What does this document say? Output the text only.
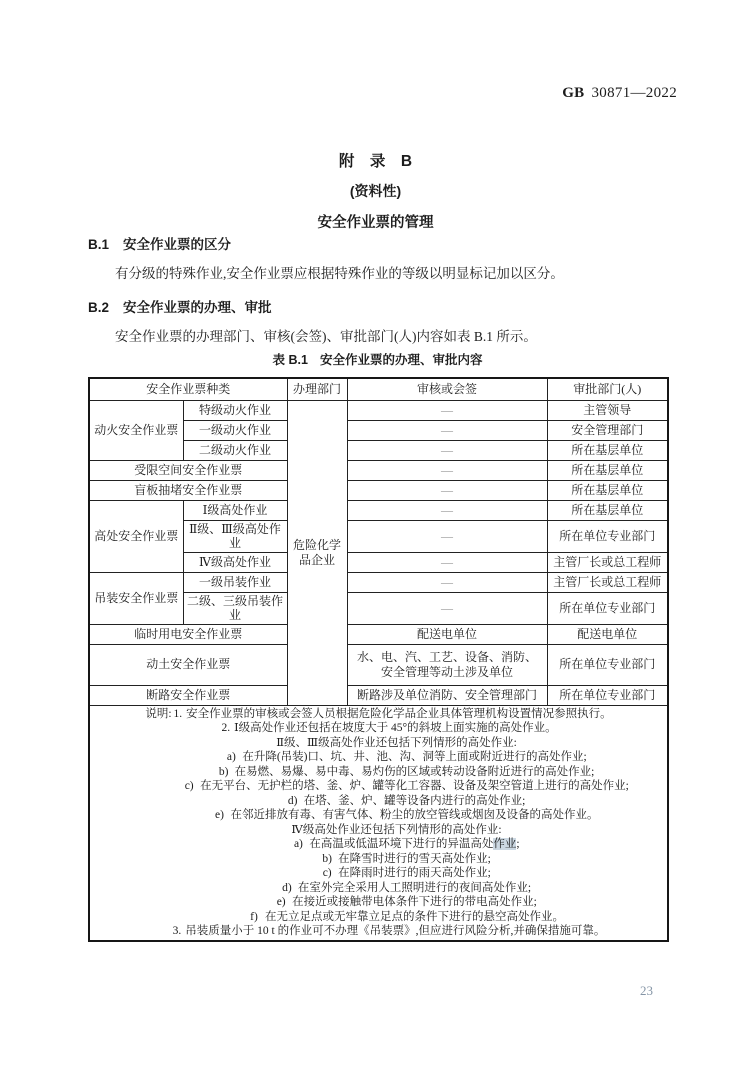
GB 30871—2022
附　录　B
(资料性)
安全作业票的管理
B.1 安全作业票的区分
有分级的特殊作业,安全作业票应根据特殊作业的等级以明显标记加以区分。
B.2 安全作业票的办理、审批
安全作业票的办理部门、审核(会签)、审批部门(人)内容如表 B.1 所示。
表 B.1 安全作业票的办理、审批内容
安全作业票种类		办理部门	审核或会签	审批部门(人)
动火安全作业票	特级动火作业	危险化学品企业	—	主管领导
	一级动火作业		—	安全管理部门
	二级动火作业		—	所在基层单位
受限空间安全作业票			—	所在基层单位
盲板抽堵安全作业票			—	所在基层单位
高处安全作业票	Ⅰ级高处作业		—	所在基层单位
	Ⅱ级、Ⅲ级高处作业		—	所在单位专业部门
	Ⅳ级高处作业		—	主管厂长或总工程师
吊装安全作业票	一级吊装作业		—	主管厂长或总工程师
	二级、三级吊装作业		—	所在单位专业部门
临时用电安全作业票			配送电单位	配送电单位
动土安全作业票			水、电、汽、工艺、设备、消防、
安全管理等动土涉及单位	所在单位专业部门
断路安全作业票			断路涉及单位消防、安全管理部门	所在单位专业部门

说明: 1. 安全作业票的审核或会签人员根据危险化学品企业具体管理机构设置情况参照执行。
2. Ⅰ级高处作业还包括在坡度大于 45°的斜坡上面实施的高处作业。
Ⅱ级、Ⅲ级高处作业还包括下列情形的高处作业:
a) 在升降(吊装)口、坑、井、池、沟、洞等上面或附近进行的高处作业;
b) 在易燃、易爆、易中毒、易灼伤的区域或转动设备附近进行的高处作业;
c) 在无平台、无护栏的塔、釜、炉、罐等化工容器、设备及架空管道上进行的高处作业;
d) 在塔、釜、炉、罐等设备内进行的高处作业;
e) 在邻近排放有毒、有害气体、粉尘的放空管线或烟囱及设备的高处作业。
Ⅳ级高处作业还包括下列情形的高处作业:
a) 在高温或低温环境下进行的异温高处作业;
b) 在降雪时进行的雪天高处作业;
c) 在降雨时进行的雨天高处作业;
d) 在室外完全采用人工照明进行的夜间高处作业;
e) 在接近或接触带电体条件下进行的带电高处作业;
f) 在无立足点或无牢靠立足点的条件下进行的悬空高处作业。
3. 吊装质量小于 10 t 的作业可不办理《吊装票》,但应进行风险分析,并确保措施可靠。
23
